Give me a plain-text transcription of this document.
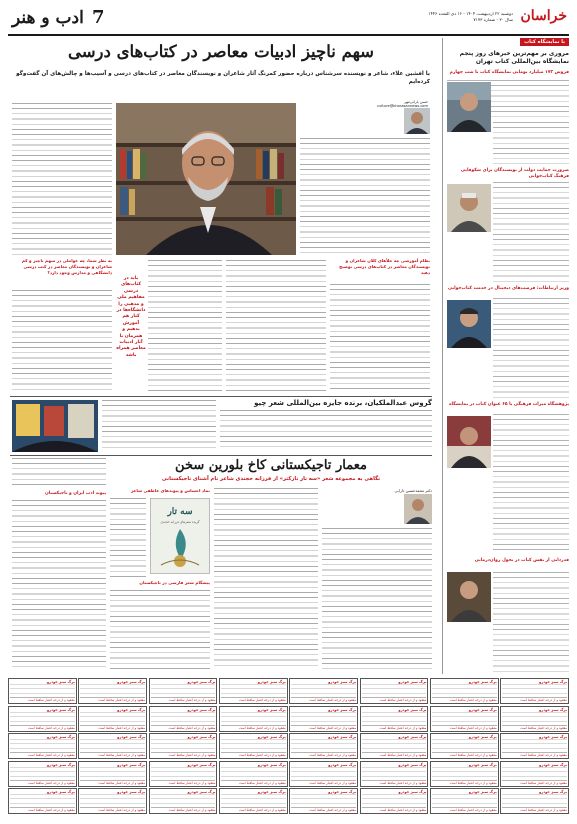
ادب و هنر 7	دوشنبه ۲۲ اردیبهشت ۱۴۰۴ - ۱۶ ذی القعده ۱۴۴۶
سال ۳۰ - شماره ۷۱۷۳ خراسان
با نمایشگاه کتاب
مروری بر مهم‌ترین خبرهای روز پنجم نمایشگاه بین‌المللی کتاب تهران
فروش ۱۷۳ میلیارد تومانی نمایشگاه کتاب تا شب چهارم
ضرورت حمایت دولت از نویسندگان برای شکوفایی فرهنگ کتاب‌خوانی
وزیر ارتباطات: فرصت‌های دیجیتال در خدمت کتاب‌خوانی
پژوهشگاه میراث فرهنگی با ۶۵ عنوان کتاب در نمایشگاه
قدردانی از نقش کتاب در تحول روان‌درمانی
سهم ناچیز ادبیات معاصر در کتاب‌های درسی
با افشین علاء، شاعر و نویسنده سرشناس درباره حضور کمرنگ آثار شاعران و نویسندگان معاصر در کتاب‌های درسی و آسیب‌ها و چالش‌های آن گفت‌وگو کرده‌ایم
حسن بارانی‌مهر
culture@khorasannews.com
نظام آموزشی چه خلأ‌های کلان شاعران و نویسندگان معاصر در کتاب‌های درسی توضیح دهید
باید در کتاب‌های درسی مفاهیم ملی و مذهبی را دانشگاه‌ها در کنار هم آموزش بدهیم و همزمان با آثار ادبیات معاصر همراه باشد
به نظر شما، چه عواملی در سهم ناچیز و کم شاعران و نویسندگان معاصر در کتب درسی دانشگاهی و مدارس وجود دارد؟
گروس عبدالملکیان، برنده جایزه بین‌المللی شعر چیو
معمار تاجیکستانی کاخ بلورین سخن
نگاهی به مجموعه شعر «سه تار نازکتر» از فرزانه خجندی شاعر نام آشنای تاجیکستانی
پیوند ادب ایران و تاجیکستان
دکتر محمدحسین دارابی
نماد احساس و پیوندهای عاطفی شاعر
سه تار
گزیده شعرهای فرزانه خجندی
پیشگام شعر فارسی در تاجیکستان
برگ سبز خودرو
مفقود و از درجه اعتبار ساقط است
برگ سبز خودرو
مفقود و از درجه اعتبار ساقط است
برگ سبز خودرو
مفقود و از درجه اعتبار ساقط است
برگ سبز خودرو
مفقود و از درجه اعتبار ساقط است
برگ سبز خودرو
مفقود و از درجه اعتبار ساقط است
برگ سبز خودرو
مفقود و از درجه اعتبار ساقط است
برگ سبز خودرو
مفقود و از درجه اعتبار ساقط است
برگ سبز خودرو
مفقود و از درجه اعتبار ساقط است
برگ سبز خودرو
مفقود و از درجه اعتبار ساقط است
برگ سبز خودرو
مفقود و از درجه اعتبار ساقط است
برگ سبز خودرو
مفقود و از درجه اعتبار ساقط است
برگ سبز خودرو
مفقود و از درجه اعتبار ساقط است
برگ سبز خودرو
مفقود و از درجه اعتبار ساقط است
برگ سبز خودرو
مفقود و از درجه اعتبار ساقط است
برگ سبز خودرو
مفقود و از درجه اعتبار ساقط است
برگ سبز خودرو
مفقود و از درجه اعتبار ساقط است
برگ سبز خودرو
مفقود و از درجه اعتبار ساقط است
برگ سبز خودرو
مفقود و از درجه اعتبار ساقط است
برگ سبز خودرو
مفقود و از درجه اعتبار ساقط است
برگ سبز خودرو
مفقود و از درجه اعتبار ساقط است
برگ سبز خودرو
مفقود و از درجه اعتبار ساقط است
برگ سبز خودرو
مفقود و از درجه اعتبار ساقط است
برگ سبز خودرو
مفقود و از درجه اعتبار ساقط است
برگ سبز خودرو
مفقود و از درجه اعتبار ساقط است
برگ سبز خودرو
مفقود و از درجه اعتبار ساقط است
برگ سبز خودرو
مفقود و از درجه اعتبار ساقط است
برگ سبز خودرو
مفقود و از درجه اعتبار ساقط است
برگ سبز خودرو
مفقود و از درجه اعتبار ساقط است
برگ سبز خودرو
مفقود و از درجه اعتبار ساقط است
برگ سبز خودرو
مفقود و از درجه اعتبار ساقط است
برگ سبز خودرو
مفقود و از درجه اعتبار ساقط است
برگ سبز خودرو
مفقود و از درجه اعتبار ساقط است
برگ سبز خودرو
مفقود و از درجه اعتبار ساقط است
برگ سبز خودرو
مفقود و از درجه اعتبار ساقط است
برگ سبز خودرو
مفقود و از درجه اعتبار ساقط است
برگ سبز خودرو
مفقود و از درجه اعتبار ساقط است
برگ سبز خودرو
مفقود و از درجه اعتبار ساقط است
برگ سبز خودرو
مفقود و از درجه اعتبار ساقط است
برگ سبز خودرو
مفقود و از درجه اعتبار ساقط است
برگ سبز خودرو
مفقود و از درجه اعتبار ساقط است
